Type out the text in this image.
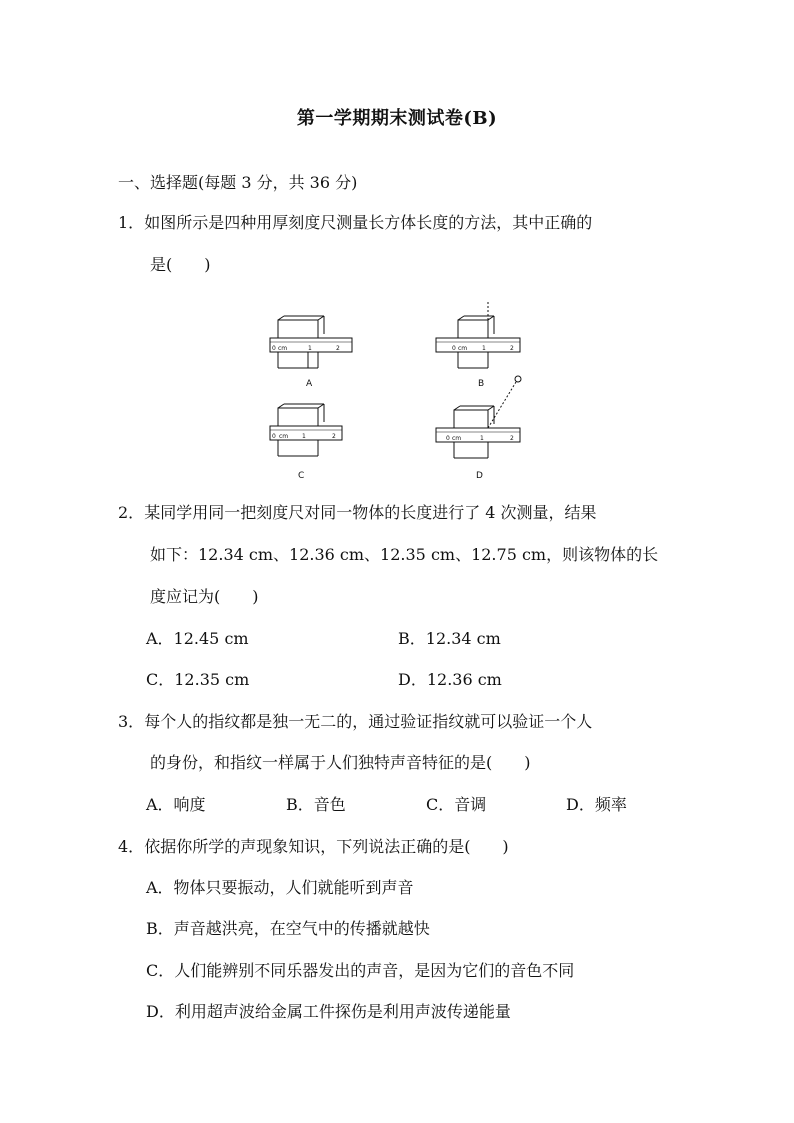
第一学期期末测试卷(B)
一、选择题(每题 3 分，共 36 分)
1．如图所示是四种用厚刻度尺测量长方体长度的方法，其中正确的
是(　　)
0 cm	1	2
A
0 cm 1	2
B
0 cm 1	2
C
0 cm	1	2
D
2．某同学用同一把刻度尺对同一物体的长度进行了 4 次测量，结果
如下：12.34 cm、12.36 cm、12.35 cm、12.75 cm，则该物体的长
度应记为(　　)
A．12.45 cm	B．12.34 cm
C．12.35 cm	D．12.36 cm
3．每个人的指纹都是独一无二的，通过验证指纹就可以验证一个人
的身份，和指纹一样属于人们独特声音特征的是(　　)
A．响度	B．音色	C．音调	D．频率
4．依据你所学的声现象知识，下列说法正确的是(　　)
A．物体只要振动，人们就能听到声音
B．声音越洪亮，在空气中的传播就越快
C．人们能辨别不同乐器发出的声音，是因为它们的音色不同
D．利用超声波给金属工件探伤是利用声波传递能量
